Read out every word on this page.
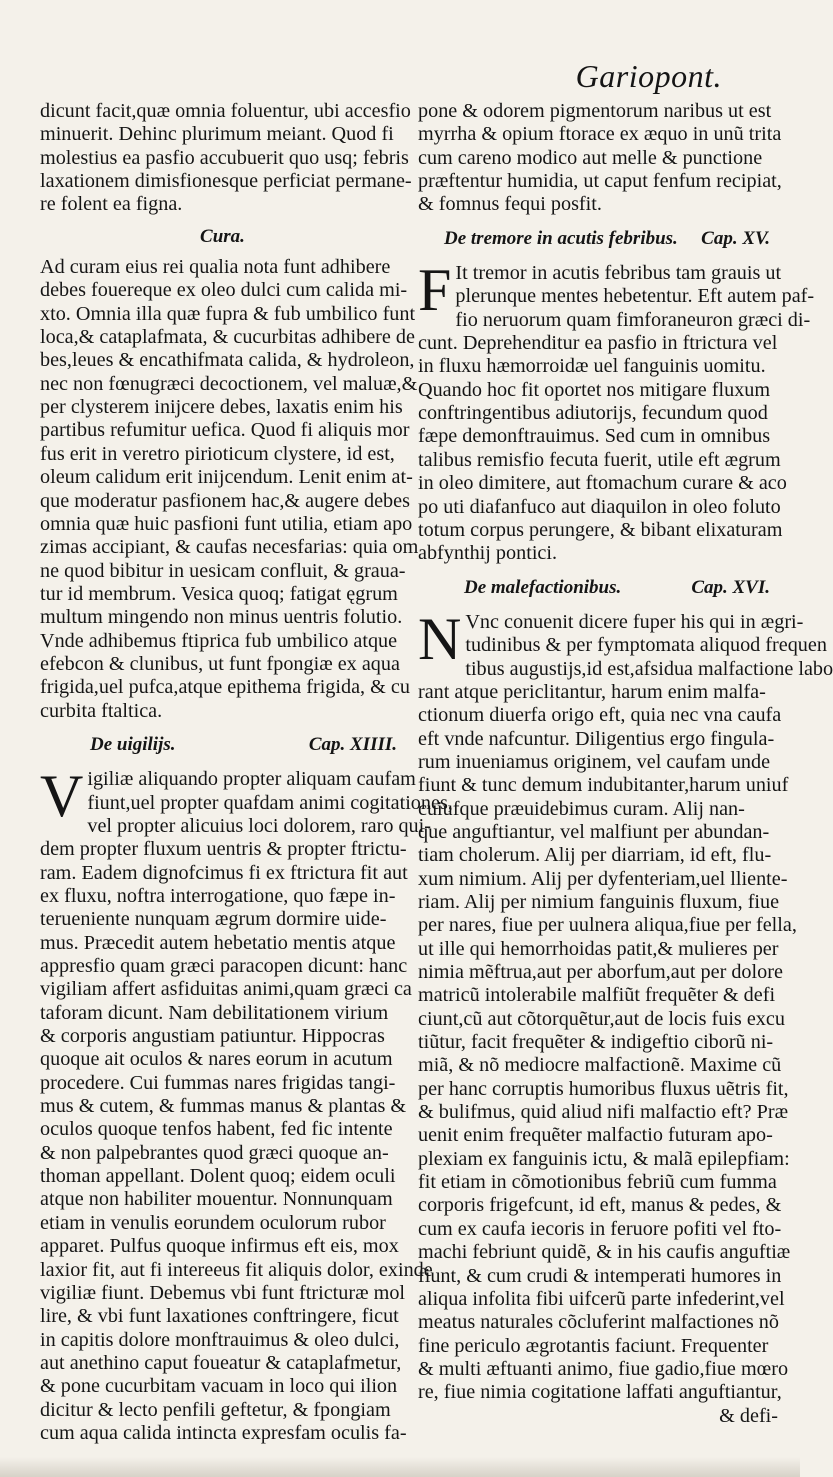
Gariopont.

dicunt facit,quæ omnia foluentur, ubi accesfio
minuerit. Dehinc plurimum meiant. Quod fi
molestius ea pasfio accubuerit quo usq; febris
laxationem dimisfionesque perficiat permane-
re folent ea figna.

Cura.

Ad curam eius rei qualia nota funt adhibere
debes fouereque ex oleo dulci cum calida mi-
xto. Omnia illa quæ fupra & fub umbilico funt
loca,& cataplafmata, & cucurbitas adhibere de
bes,leues & encathifmata calida, & hydroleon,
nec non fœnugræci decoctionem, vel maluæ,&
per clysterem inijcere debes, laxatis enim his
partibus refumitur uefica. Quod fi aliquis mor
fus erit in veretro pirioticum clystere, id est,
oleum calidum erit inijcendum. Lenit enim at-
que moderatur pasfionem hac,& augere debes
omnia quæ huic pasfioni funt utilia, etiam apo
zimas accipiant, & caufas necesfarias: quia om
ne quod bibitur in uesicam confluit, & graua-
tur id membrum. Vesica quoq; fatigat ęgrum
multum mingendo non minus uentris folutio.
Vnde adhibemus ftiprica fub umbilico atque
efebcon & clunibus, ut funt fpongiæ ex aqua
frigida,uel pufca,atque epithema frigida, & cu
curbita ftaltica.

De uigilijs.	Cap. XIIII.

V igiliæ aliquando propter aliquam caufam
fiunt,uel propter quafdam animi cogitationes,
vel propter alicuius loci dolorem, raro qui-
dem propter fluxum uentris & propter ftrictu-
ram. Eadem dignofcimus fi ex ftrictura fit aut
ex fluxu, noftra interrogatione, quo fæpe in-
terueniente nunquam ægrum dormire uide-
mus. Præcedit autem hebetatio mentis atque
appresfio quam græci paracopen dicunt: hanc
vigiliam affert asfiduitas animi,quam græci ca
taforam dicunt. Nam debilitationem virium
& corporis angustiam patiuntur. Hippocras
quoque ait oculos & nares eorum in acutum
procedere. Cui fummas nares frigidas tangi-
mus & cutem, & fummas manus & plantas &
oculos quoque tenfos habent, fed fic intente
& non palpebrantes quod græci quoque an-
thoman appellant. Dolent quoq; eidem oculi
atque non habiliter mouentur. Nonnunquam
etiam in venulis eorundem oculorum rubor
apparet. Pulfus quoque infirmus eft eis, mox
laxior fit, aut fi intereeus fit aliquis dolor, exinde
vigiliæ fiunt. Debemus vbi funt ftricturæ mol
lire, & vbi funt laxationes conftringere, ficut
in capitis dolore monftrauimus & oleo dulci,
aut anethino caput foueatur & cataplafmetur,
& pone cucurbitam vacuam in loco qui ilion
dicitur & lecto penfili geftetur, & fpongiam
cum aqua calida intincta expresfam oculis fa-

pone & odorem pigmentorum naribus ut est
myrrha & opium ftorace ex æquo in unũ trita
cum careno modico aut melle & punctione
præftentur humidia, ut caput fenfum recipiat,
& fomnus fequi posfit.

De tremore in acutis febribus. Cap. XV.

F It tremor in acutis febribus tam grauis ut
plerunque mentes hebetentur. Eft autem paf-
fio neruorum quam fimforaneuron græci di-
cunt. Deprehenditur ea pasfio in ftrictura vel
in fluxu hæmorroidæ uel fanguinis uomitu.
Quando hoc fit oportet nos mitigare fluxum
conftringentibus adiutorijs, fecundum quod
fæpe demonftrauimus. Sed cum in omnibus
talibus remisfio fecuta fuerit, utile eft ægrum
in oleo dimitere, aut ftomachum curare & aco
po uti diafanfuco aut diaquilon in oleo foluto
totum corpus perungere, & bibant elixaturam
abfynthij pontici.

De malefactionibus.	Cap. XVI.

N Vnc conuenit dicere fuper his qui in ægri-
tudinibus & per fymptomata aliquod frequen
tibus augustijs,id est,afsidua malfactione labo
rant atque periclitantur, harum enim malfa-
ctionum diuerfa origo eft, quia nec vna caufa
eft vnde nafcuntur. Diligentius ergo fingula-
rum inueniamus originem, vel caufam unde
fiunt & tunc demum indubitanter,harum uniuf
cuiufque præuidebimus curam. Alij nan-
que anguftiantur, vel malfiunt per abundan-
tiam cholerum. Alij per diarriam, id eft, flu-
xum nimium. Alij per dyfenteriam,uel lliente-
riam. Alij per nimium fanguinis fluxum, fiue
per nares, fiue per uulnera aliqua,fiue per fella,
ut ille qui hemorrhoidas patit,& mulieres per
nimia mẽftrua,aut per aborfum,aut per dolore
matricũ intolerabile malfiũt frequẽter & defi
ciunt,cũ aut cõtorquẽtur,aut de locis fuis excu
tiũtur, facit frequẽter & indigeftio ciborũ ni-
miã, & nõ mediocre malfactionẽ. Maxime cũ
per hanc corruptis humoribus fluxus uẽtris fit,
& bulifmus, quid aliud nifi malfactio eft? Præ
uenit enim frequẽter malfactio futuram apo-
plexiam ex fanguinis ictu, & malã epilepfiam:
fit etiam in cõmotionibus febriũ cum fumma
corporis frigefcunt, id eft, manus & pedes, &
cum ex caufa iecoris in feruore pofiti vel fto-
machi febriunt quidẽ, & in his caufis anguftiæ
fiunt, & cum crudi & intemperati humores in
aliqua infolita fibi uifcerũ parte infederint,vel
meatus naturales cõcluferint malfactiones nõ
fine periculo ægrotantis faciunt. Frequenter
& multi æftuanti animo, fiue gadio,fiue mœro
re, fiue nimia cogitatione laffati anguftiantur,
& defi-
